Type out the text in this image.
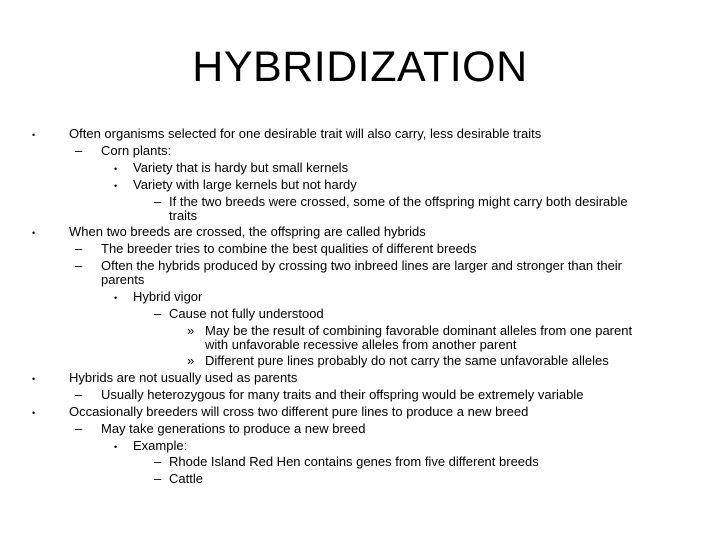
HYBRIDIZATION
•	Often organisms selected for one desirable trait will also carry, less desirable traits
– Corn plants:
• Variety that is hardy but small kernels
• Variety with large kernels but not hardy
– If the two breeds were crossed, some of the offspring might carry both desirable
traits
•	When two breeds are crossed, the offspring are called hybrids
– The breeder tries to combine the best qualities of different breeds
– Often the hybrids produced by crossing two inbreed lines are larger and stronger than their
parents
• Hybrid vigor
– Cause not fully understood
» May be the result of combining favorable dominant alleles from one parent
with unfavorable recessive alleles from another parent
» Different pure lines probably do not carry the same unfavorable alleles
•	Hybrids are not usually used as parents
– Usually heterozygous for many traits and their offspring would be extremely variable
•	Occasionally breeders will cross two different pure lines to produce a new breed
– May take generations to produce a new breed
• Example:
– Rhode Island Red Hen contains genes from five different breeds
– Cattle
